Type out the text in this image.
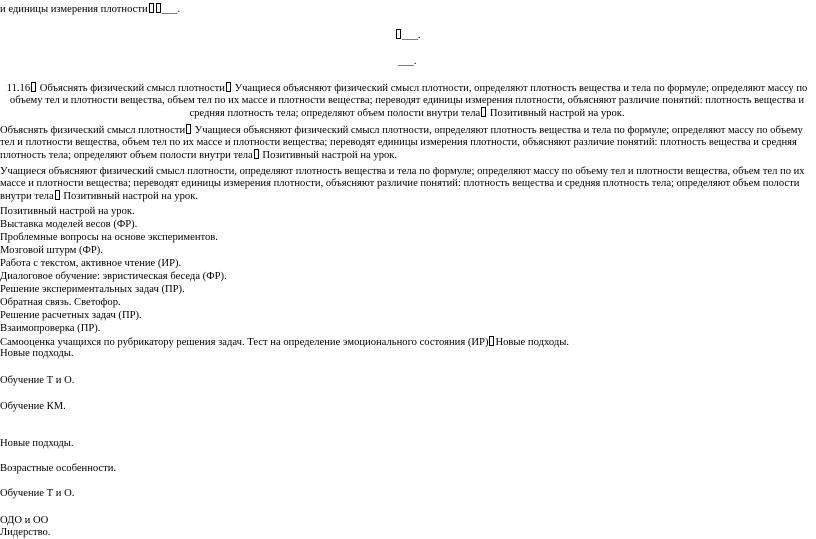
и единицы измерения плотности ___.
___.
___.
11.16 Объяснять физический смысл плотности Учащиеся объясняют физический смысл плотности, определяют плотность вещества и тела по формуле; определяют массу по объему тел и плотности вещества, объем тел по их массе и плотности вещества; переводят единицы измерения плотности, объясняют различие понятий: плотность вещества и средняя плотность тела; определяют объем полости внутри тела Позитивный настрой на урок.
Объяснять физический смысл плотности Учащиеся объясняют физический смысл плотности, определяют плотность вещества и тела по формуле; определяют массу по объему тел и плотности вещества, объем тел по их массе и плотности вещества; переводят единицы измерения плотности, объясняют различие понятий: плотность вещества и средняя плотность тела; определяют объем полости внутри тела Позитивный настрой на урок.
Учащиеся объясняют физический смысл плотности, определяют плотность вещества и тела по формуле; определяют массу по объему тел и плотности вещества, объем тел по их массе и плотности вещества; переводят единицы измерения плотности, объясняют различие понятий: плотность вещества и средняя плотность тела; определяют объем полости внутри тела Позитивный настрой на урок.
Позитивный настрой на урок.
Выставка моделей весов (ФР).
Проблемные вопросы на основе экспериментов.
Мозговой штурм (ФР).
Работа с текстом, активное чтение (ИР).
Диалоговое обучение: эвристическая беседа (ФР).
Решение экспериментальных задач (ПР).
Обратная связь. Светофор.
Решение расчетных задач (ПР).
Взаимопроверка (ПР).
Самооценка учащихся по рубрикатору решения задач. Тест на определение эмоционального состояния (ИР) Новые подходы.
Новые подходы.
Обучение Т и О.
Обучение КМ.
Новые подходы.
Возрастные особенности.
Обучение Т и О.
ОДО и ОО
Лидерство.
